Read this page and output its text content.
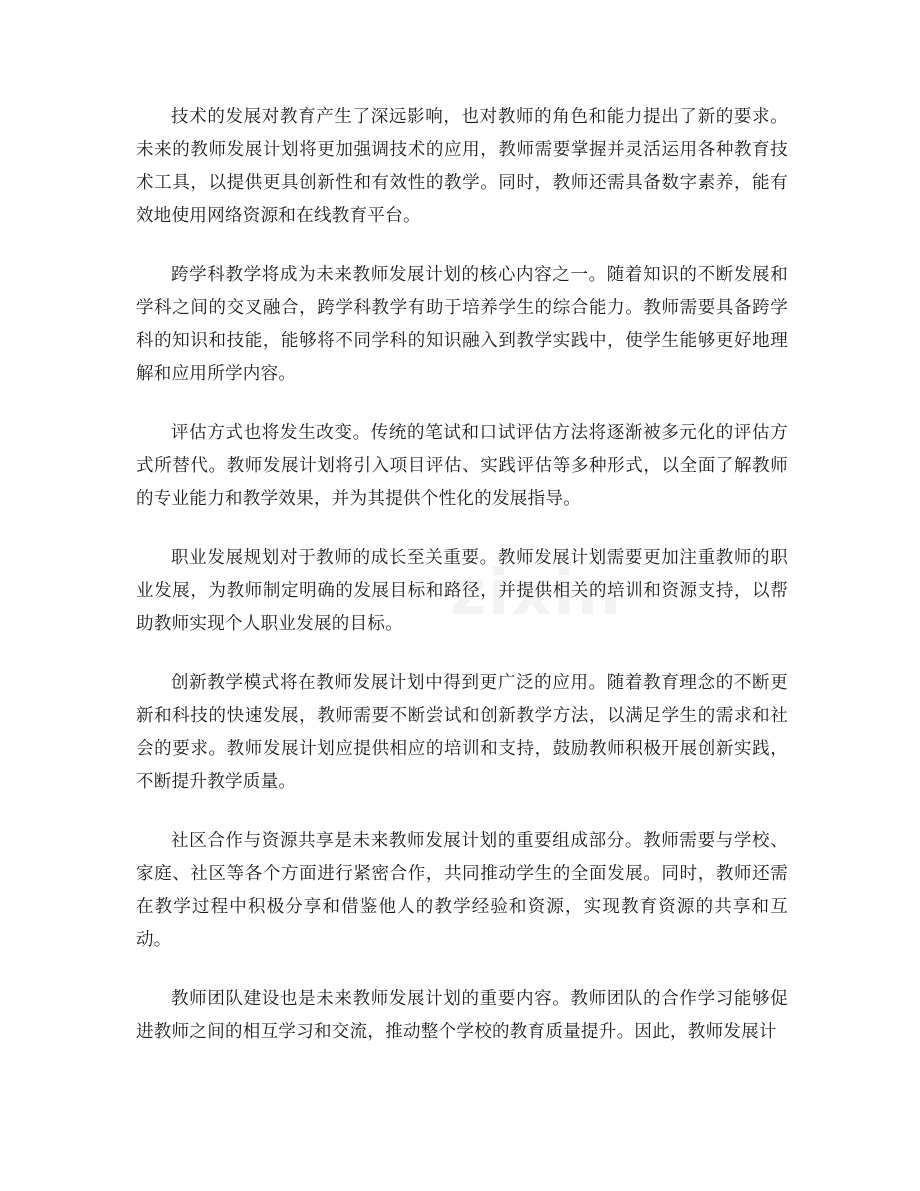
技术的发展对教育产生了深远影响，也对教师的角色和能力提出了新的要求。未来的教师发展计划将更加强调技术的应用，教师需要掌握并灵活运用各种教育技术工具，以提供更具创新性和有效性的教学。同时，教师还需具备数字素养，能有效地使用网络资源和在线教育平台。

跨学科教学将成为未来教师发展计划的核心内容之一。随着知识的不断发展和学科之间的交叉融合，跨学科教学有助于培养学生的综合能力。教师需要具备跨学科的知识和技能，能够将不同学科的知识融入到教学实践中，使学生能够更好地理解和应用所学内容。

评估方式也将发生改变。传统的笔试和口试评估方法将逐渐被多元化的评估方式所替代。教师发展计划将引入项目评估、实践评估等多种形式，以全面了解教师的专业能力和教学效果，并为其提供个性化的发展指导。

职业发展规划对于教师的成长至关重要。教师发展计划需要更加注重教师的职业发展，为教师制定明确的发展目标和路径，并提供相关的培训和资源支持，以帮助教师实现个人职业发展的目标。

创新教学模式将在教师发展计划中得到更广泛的应用。随着教育理念的不断更新和科技的快速发展，教师需要不断尝试和创新教学方法，以满足学生的需求和社会的要求。教师发展计划应提供相应的培训和支持，鼓励教师积极开展创新实践，不断提升教学质量。

社区合作与资源共享是未来教师发展计划的重要组成部分。教师需要与学校、家庭、社区等各个方面进行紧密合作，共同推动学生的全面发展。同时，教师还需在教学过程中积极分享和借鉴他人的教学经验和资源，实现教育资源的共享和互动。

教师团队建设也是未来教师发展计划的重要内容。教师团队的合作学习能够促进教师之间的相互学习和交流，推动整个学校的教育质量提升。因此，教师发展计
